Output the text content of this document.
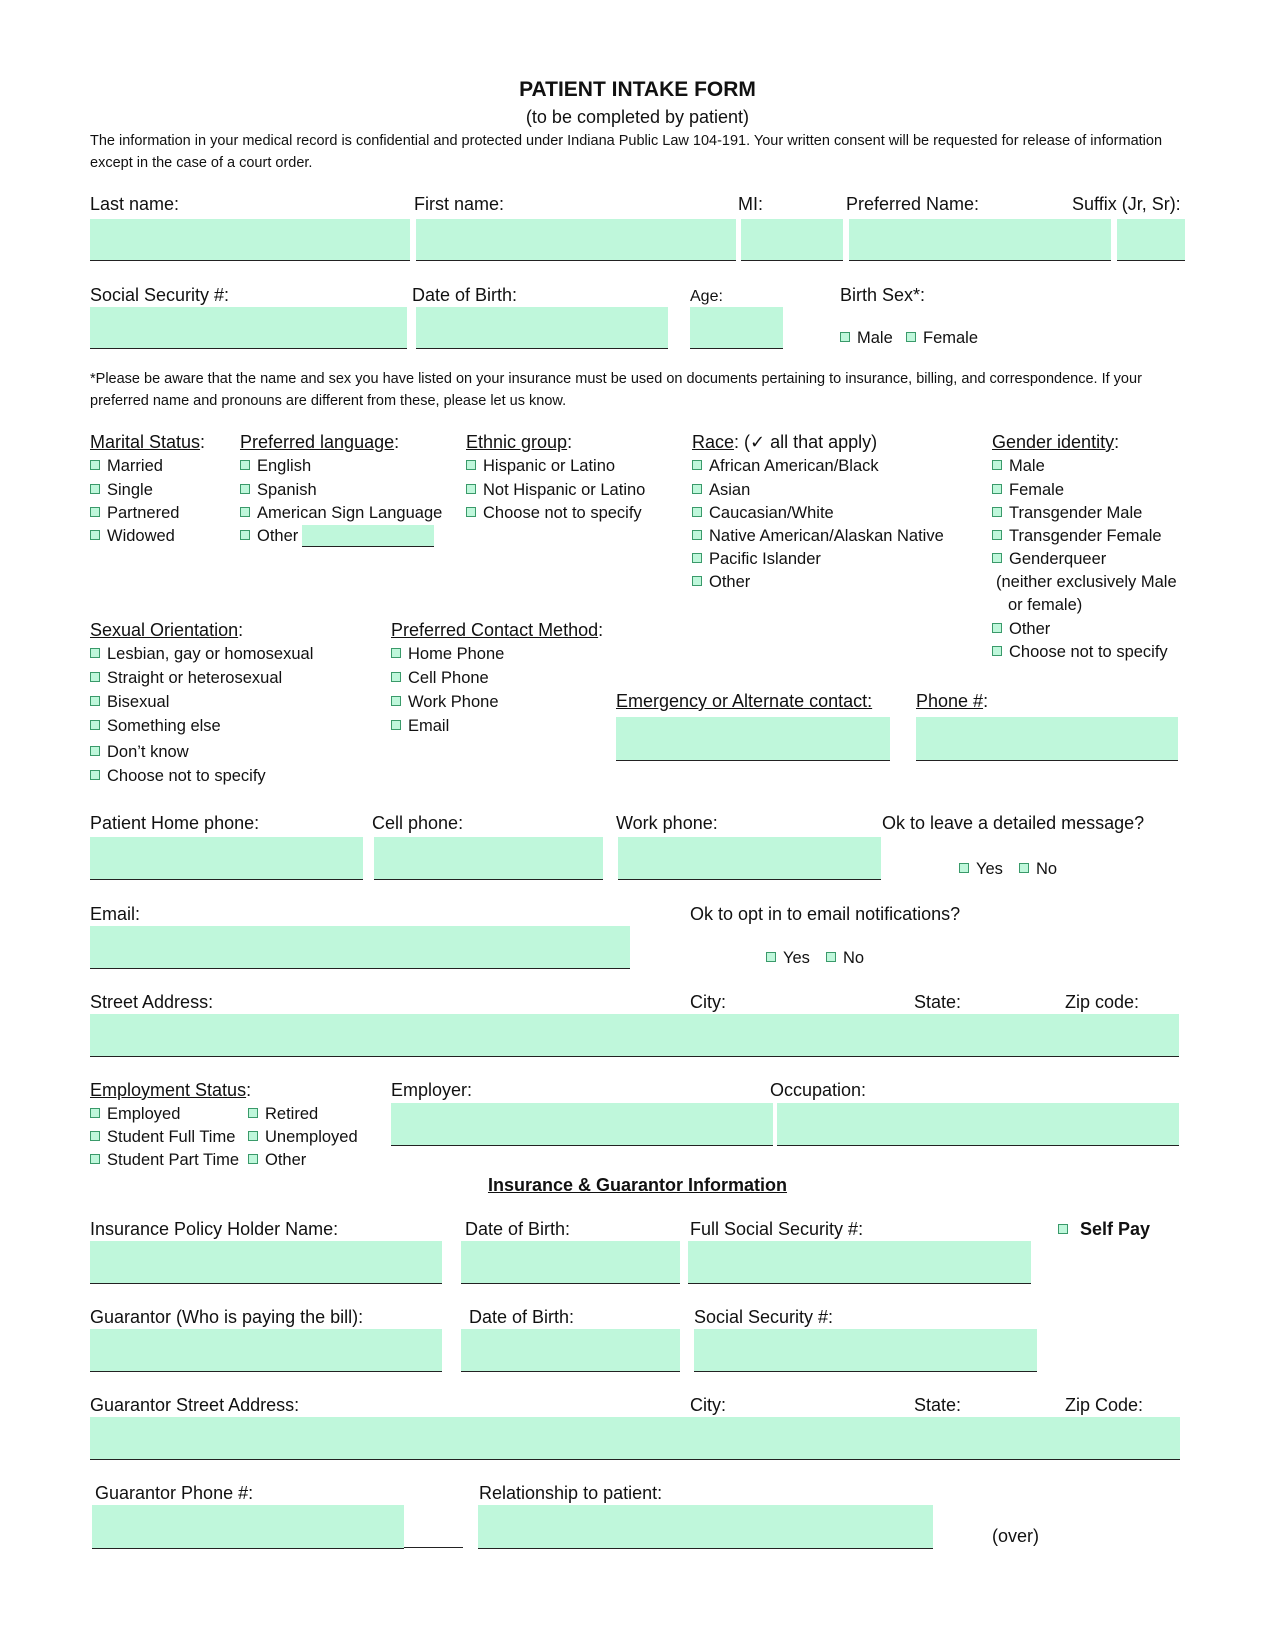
PATIENT INTAKE FORM
(to be completed by patient)
The information in your medical record is confidential and protected under Indiana Public Law 104-191. Your written consent will be requested for release of information except in the case of a court order.
Last name:	First name:	MI:	Preferred Name:	Suffix (Jr, Sr):
Social Security #:	Date of Birth:	Age:	Birth Sex*:
Male	Female
*Please be aware that the name and sex you have listed on your insurance must be used on documents pertaining to insurance, billing, and correspondence. If your preferred name and pronouns are different from these, please let us know.
Marital Status:
Married
Single
Partnered
Widowed
Preferred language:
English
Spanish
American Sign Language
Other
Ethnic group:
Hispanic or Latino
Not Hispanic or Latino
Choose not to specify
Race: (✓ all that apply)
African American/Black
Asian
Caucasian/White
Native American/Alaskan Native
Pacific Islander
Other
Gender identity:
Male
Female
Transgender Male
Transgender Female
Genderqueer
(neither exclusively Male
or female)
Other
Choose not to specify
Sexual Orientation:
Lesbian, gay or homosexual
Straight or heterosexual
Bisexual
Something else
Don’t know
Choose not to specify
Preferred Contact Method:
Home Phone
Cell Phone
Work Phone
Email
Emergency or Alternate contact: Phone #:
Patient Home phone:	Cell phone:	Work phone:	Ok to leave a detailed message?
Yes	No
Email:	Ok to opt in to email notifications?
Yes	No
Street Address:	City:	State:	Zip code:
Employment Status:
Employed
Student Full Time
Student Part Time
Retired
Unemployed
Other
Employer:	Occupation:
Insurance & Guarantor Information
Insurance Policy Holder Name:	Date of Birth:	Full Social Security #:	Self Pay
Guarantor (Who is paying the bill):	Date of Birth:	Social Security #:
Guarantor Street Address:	City:	State:	Zip Code:
Guarantor Phone #:	Relationship to patient:
(over)
